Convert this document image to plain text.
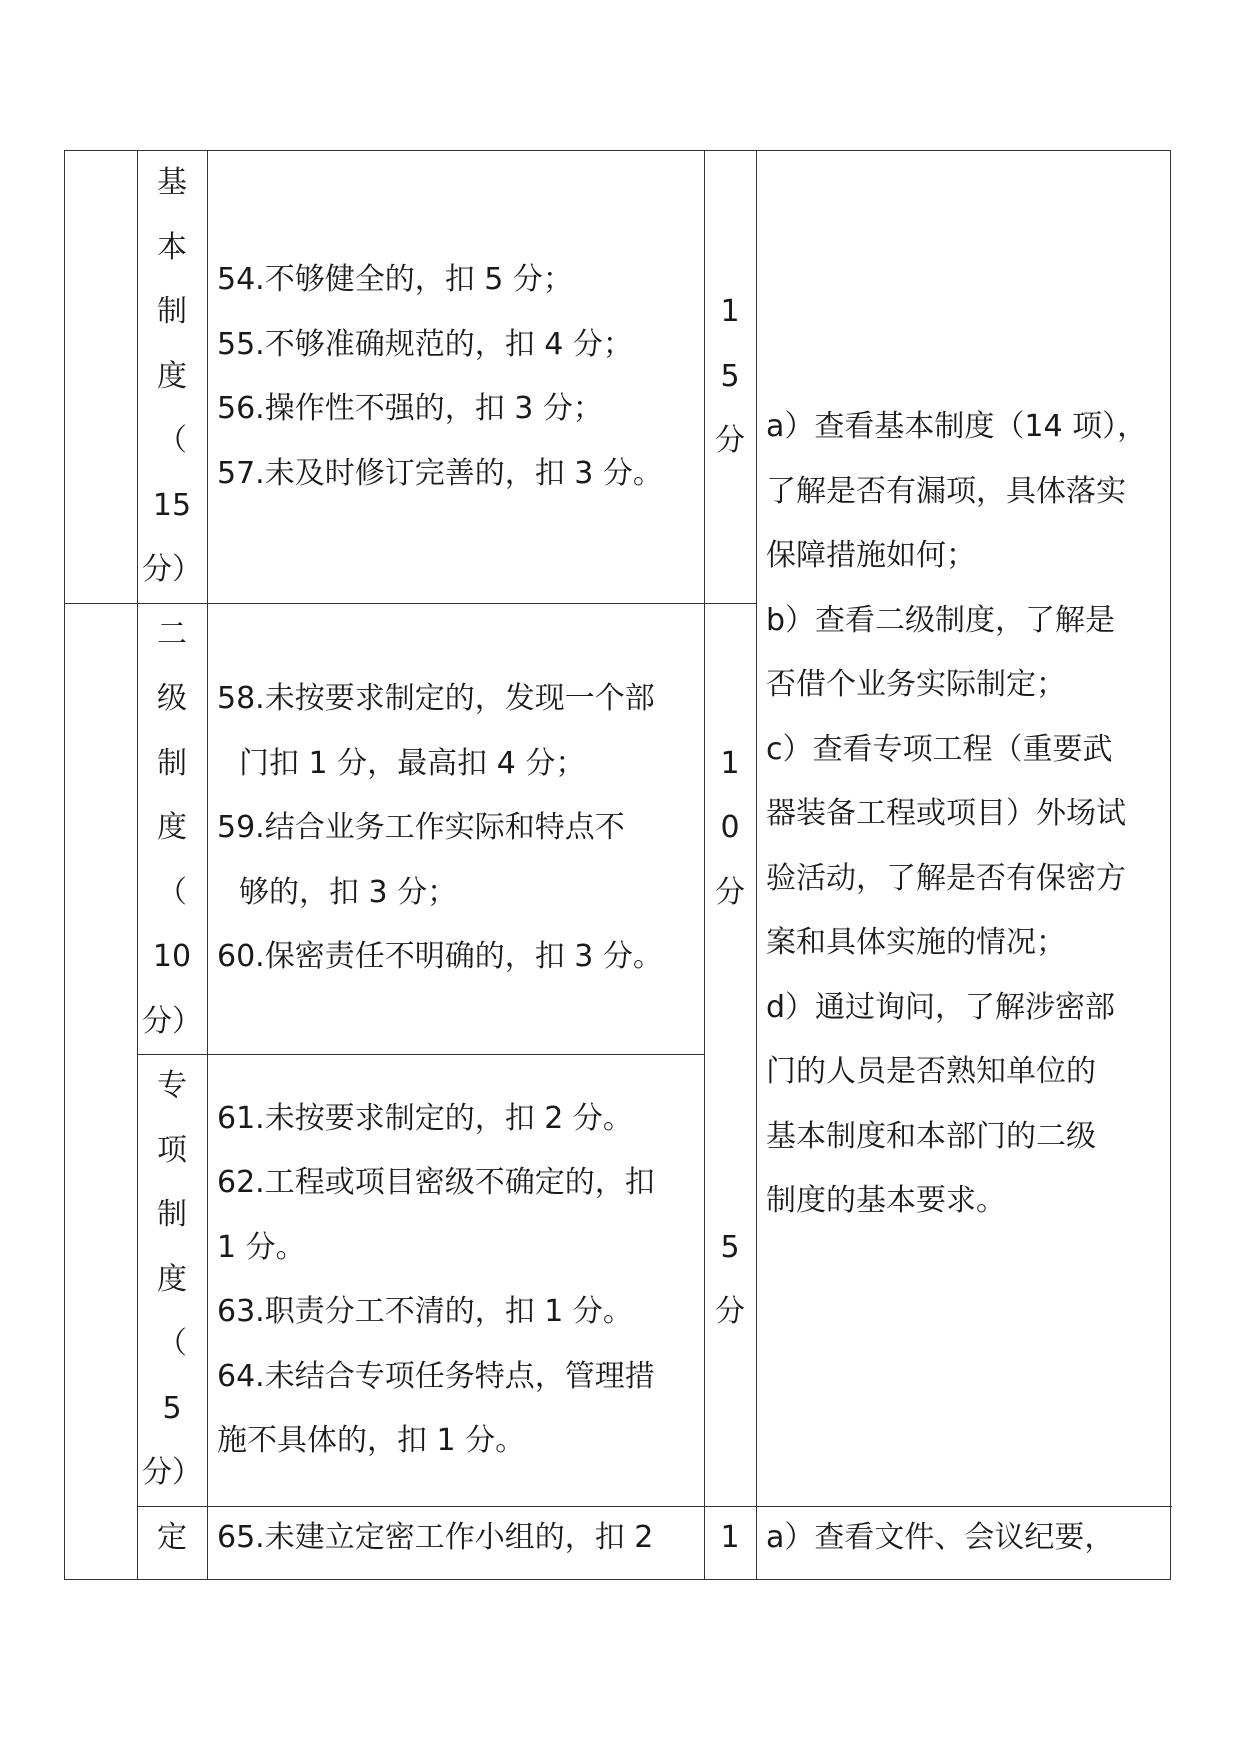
基
本
制
度
（
15
分）
54.不够健全的，扣 5 分；
55.不够准确规范的，扣 4 分；
56.操作性不强的，扣 3 分；
57.未及时修订完善的，扣 3 分。
1
5
分
二
级
制
度
（
10
分）
58.未按要求制定的，发现一个部
门扣 1 分，最高扣 4 分；
59.结合业务工作实际和特点不
够的，扣 3 分；
60.保密责任不明确的，扣 3 分。
1
0
分
专
项
制
度
（
5
分）
61.未按要求制定的，扣 2 分。
62.工程或项目密级不确定的，扣
1 分。
63.职责分工不清的，扣 1 分。
64.未结合专项任务特点，管理措
施不具体的，扣 1 分。
5
分
a）查看基本制度（14 项），
了解是否有漏项，具体落实
保障措施如何；
b）查看二级制度，了解是
否借个业务实际制定；
c）查看专项工程（重要武
器装备工程或项目）外场试
验活动，了解是否有保密方
案和具体实施的情况；
d）通过询问，了解涉密部
门的人员是否熟知单位的
基本制度和本部门的二级
制度的基本要求。
定 65.未建立定密工作小组的，扣 2	1 a）查看文件、会议纪要，
